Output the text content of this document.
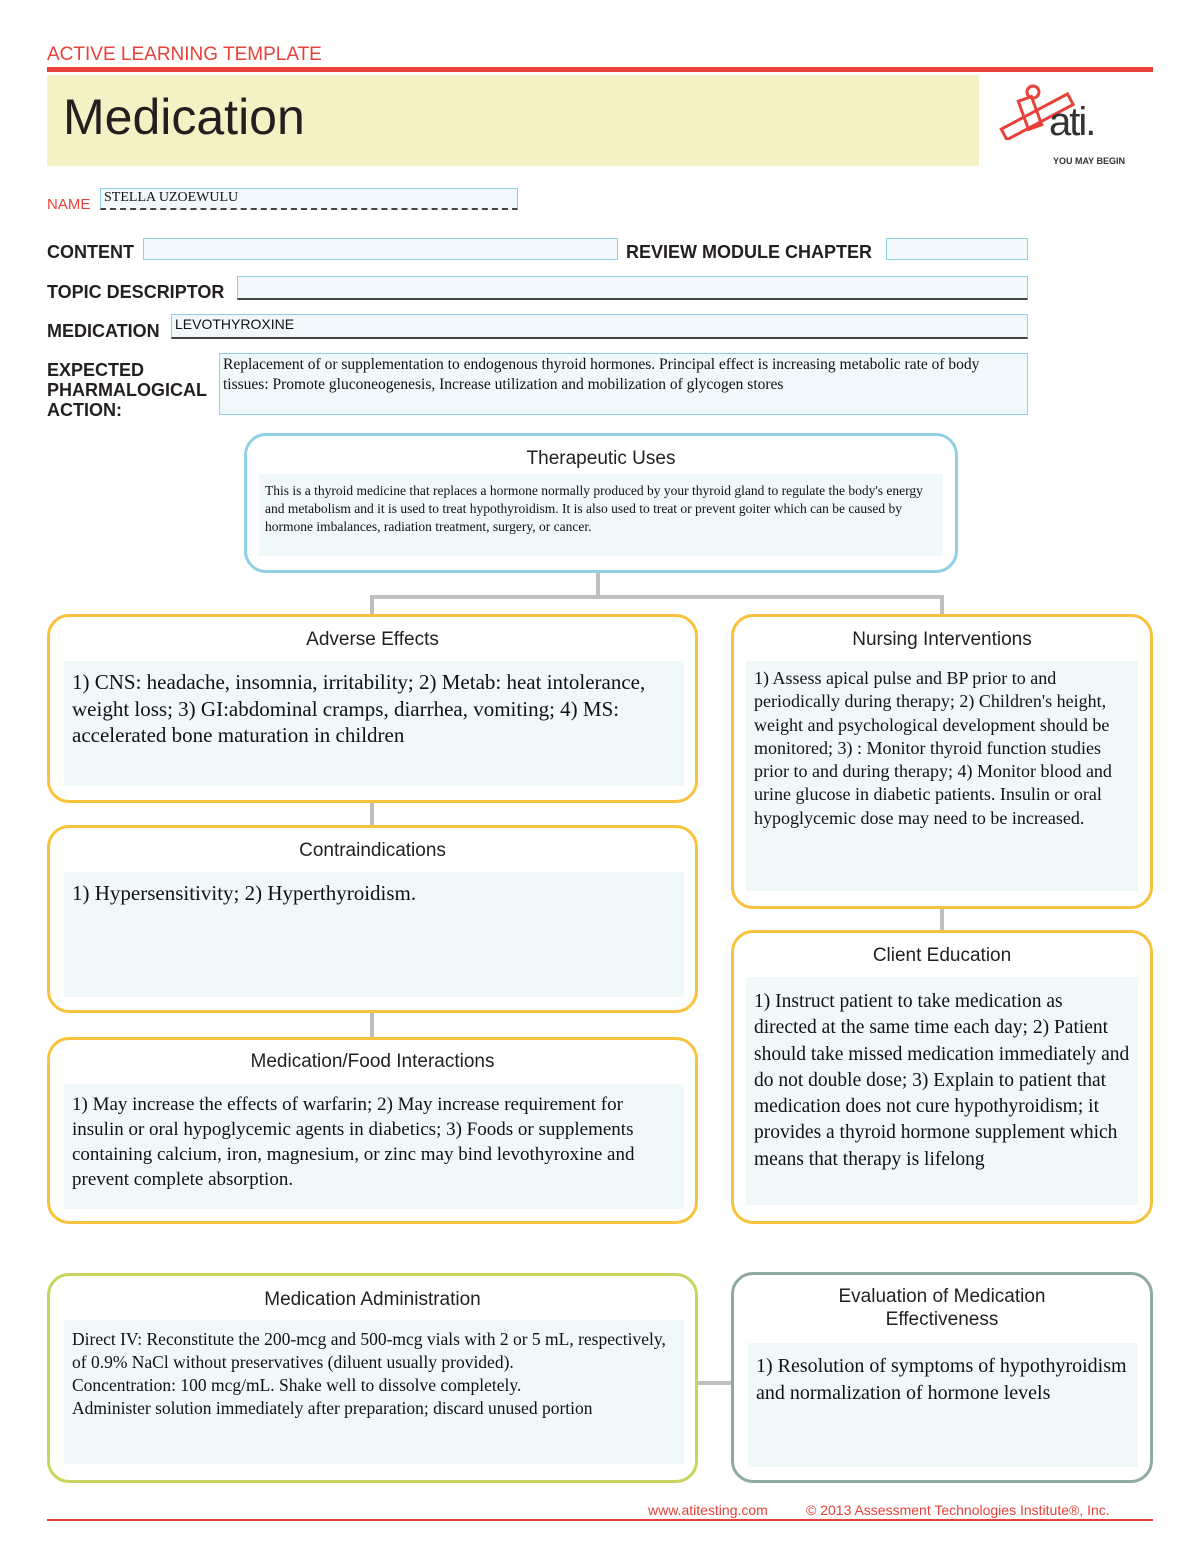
ACTIVE LEARNING TEMPLATE
Medication	ati.
YOU MAY BEGIN
NAME STELLA UZOEWULU
CONTENT	REVIEW MODULE CHAPTER
TOPIC DESCRIPTOR
MEDICATION LEVOTHYROXINE
EXPECTED PHARMALOGICAL ACTION:
Replacement of or supplementation to endogenous thyroid hormones. Principal effect is increasing metabolic rate of body tissues: Promote gluconeogenesis, Increase utilization and mobilization of glycogen stores
Therapeutic Uses
This is a thyroid medicine that replaces a hormone normally produced by your thyroid gland to regulate the body's energy and metabolism and it is used to treat hypothyroidism. It is also used to treat or prevent goiter which can be caused by hormone imbalances, radiation treatment, surgery, or cancer.
Adverse Effects
1) CNS: headache, insomnia, irritability; 2) Metab: heat intolerance, weight loss; 3) GI:abdominal cramps, diarrhea, vomiting; 4) MS: accelerated bone maturation in children
Contraindications
1) Hypersensitivity; 2) Hyperthyroidism.
Medication/Food Interactions
1) May increase the effects of warfarin; 2) May increase requirement for insulin or oral hypoglycemic agents in diabetics; 3) Foods or supplements containing calcium, iron, magnesium, or zinc may bind levothyroxine and prevent complete absorption.
Nursing Interventions
1) Assess apical pulse and BP prior to and periodically during therapy; 2) Children's height, weight and psychological development should be monitored; 3) : Monitor thyroid function studies prior to and during therapy; 4) Monitor blood and urine glucose in diabetic patients. Insulin or oral hypoglycemic dose may need to be increased.
Client Education
1) Instruct patient to take medication as directed at the same time each day; 2) Patient should take missed medication immediately and do not double dose; 3) Explain to patient that medication does not cure hypothyroidism; it provides a thyroid hormone supplement which means that therapy is lifelong
Medication Administration
Direct IV: Reconstitute the 200-mcg and 500-mcg vials with 2 or 5 mL, respectively, of 0.9% NaCl without preservatives (diluent usually provided).
Concentration: 100 mcg/mL. Shake well to dissolve completely.
Administer solution immediately after preparation; discard unused portion
Evaluation of Medication Effectiveness
1) Resolution of symptoms of hypothyroidism and normalization of hormone levels
www.atitesting.com	© 2013 Assessment Technologies Institute®, Inc.
